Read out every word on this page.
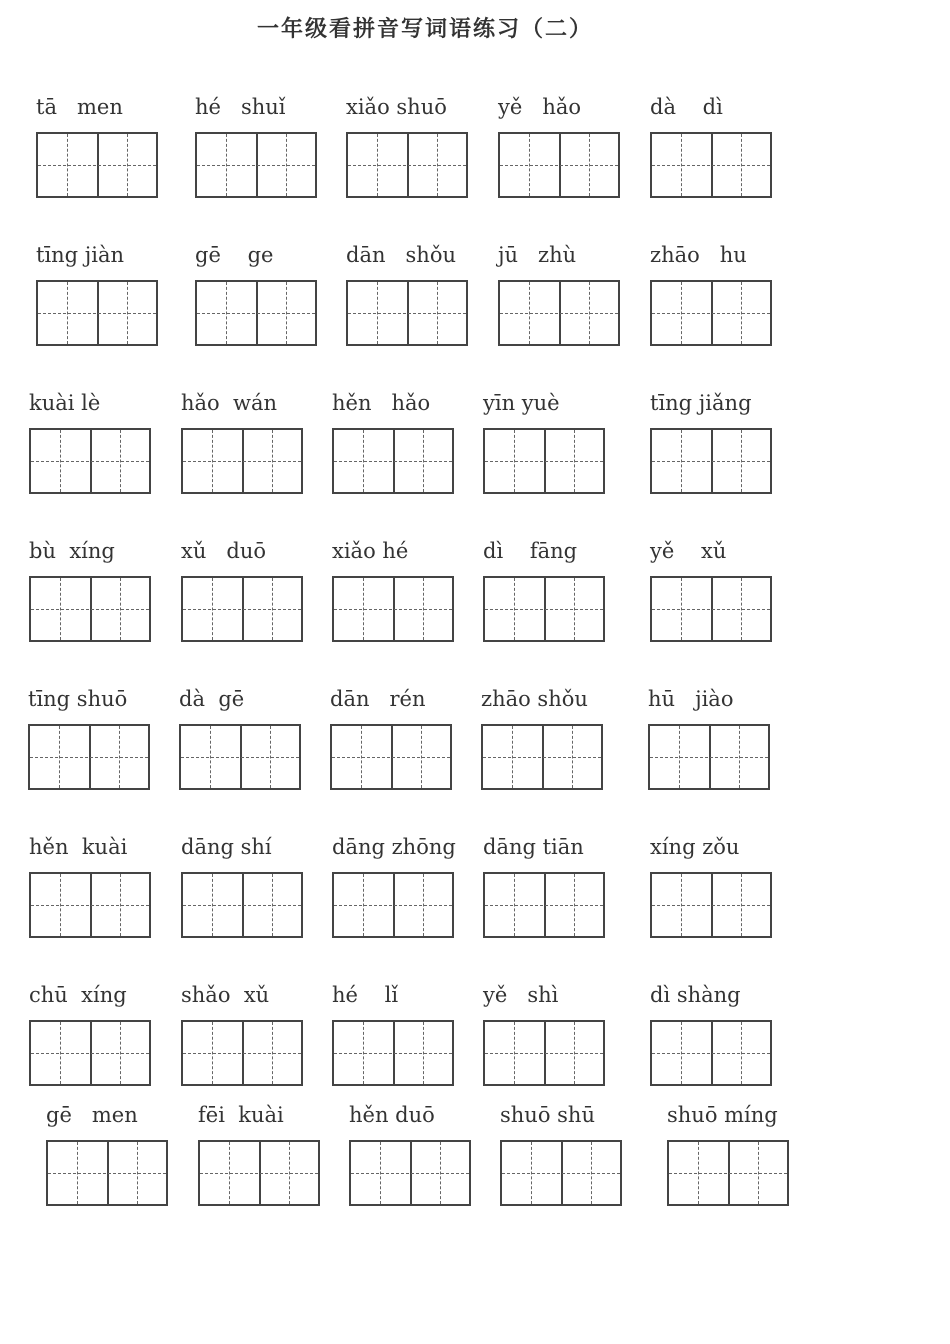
一年级看拼音写词语练习（二）
tā   men	hé   shuǐ	xiǎo shuō	yě   hǎo	dà    dì
tīng jiàn	gē    ge	dān   shǒu	jū   zhù	zhāo   hu
kuài lè	hǎo  wán	hěn   hǎo	yīn yuè	tīng jiǎng
bù  xíng	xǔ   duō	xiǎo hé	dì    fāng	yě    xǔ
tīng shuō	dà  gē	dān   rén	zhāo shǒu	hū   jiào
hěn  kuài	dāng shí	dāng zhōng	dāng tiān	xíng zǒu
chū  xíng	shǎo  xǔ	hé    lǐ	yě   shì	dì shàng
gē   men	fēi  kuài	hěn duō	shuō shū	shuō míng
